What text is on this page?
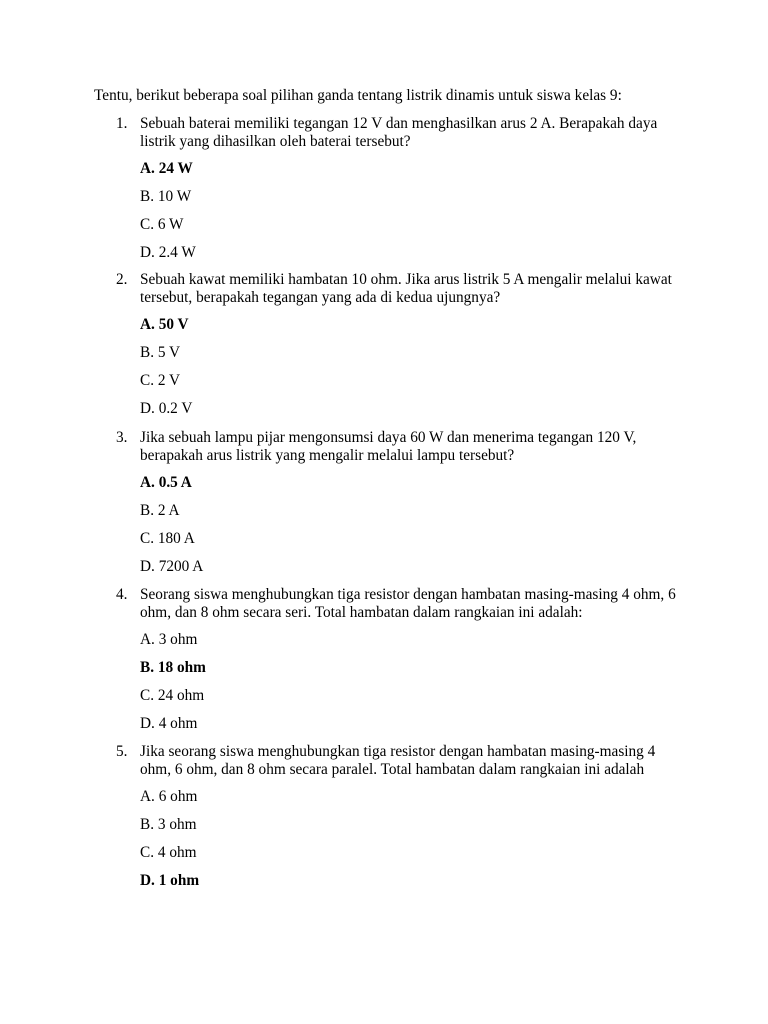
Tentu, berikut beberapa soal pilihan ganda tentang listrik dinamis untuk siswa kelas 9:
1. Sebuah baterai memiliki tegangan 12 V dan menghasilkan arus 2 A. Berapakah daya listrik yang dihasilkan oleh baterai tersebut?
A. 24 W
B. 10 W
C. 6 W
D. 2.4 W
2. Sebuah kawat memiliki hambatan 10 ohm. Jika arus listrik 5 A mengalir melalui kawat tersebut, berapakah tegangan yang ada di kedua ujungnya?
A. 50 V
B. 5 V
C. 2 V
D. 0.2 V
3. Jika sebuah lampu pijar mengonsumsi daya 60 W dan menerima tegangan 120 V, berapakah arus listrik yang mengalir melalui lampu tersebut?
A. 0.5 A
B. 2 A
C. 180 A
D. 7200 A
4. Seorang siswa menghubungkan tiga resistor dengan hambatan masing-masing 4 ohm, 6 ohm, dan 8 ohm secara seri. Total hambatan dalam rangkaian ini adalah:
A. 3 ohm
B. 18 ohm
C. 24 ohm
D. 4 ohm
5. Jika seorang siswa menghubungkan tiga resistor dengan hambatan masing-masing 4 ohm, 6 ohm, dan 8 ohm secara paralel. Total hambatan dalam rangkaian ini adalah
A. 6 ohm
B. 3 ohm
C. 4 ohm
D. 1 ohm
